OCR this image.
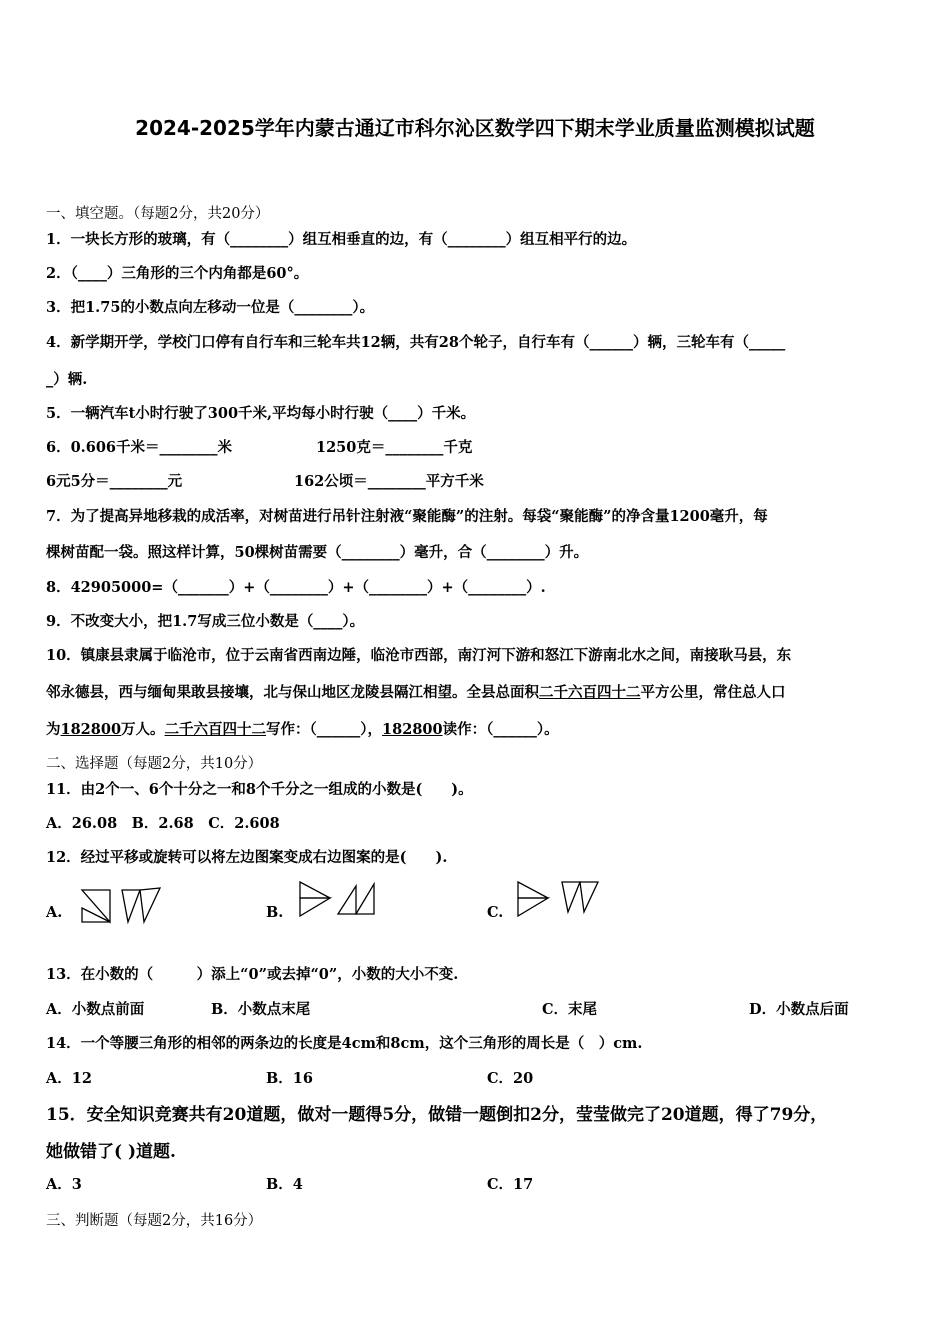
2024-2025学年内蒙古通辽市科尔沁区数学四下期末学业质量监测模拟试题
一、填空题。（每题2分，共20分）
1．一块长方形的玻璃，有（________）组互相垂直的边，有（________）组互相平行的边。
2．（____）三角形的三个内角都是60°。
3．把1.75的小数点向左移动一位是（________）。
4．新学期开学，学校门口停有自行车和三轮车共12辆，共有28个轮子，自行车有（______）辆，三轮车有（_____
_）辆.
5．一辆汽车t小时行驶了300千米,平均每小时行驶（____）千米。
6．0.606千米＝________米	1250克＝________千克
6元5分＝________元	162公顷＝________平方千米
7．为了提高异地移栽的成活率，对树苗进行吊针注射液“聚能酶”的注射。每袋“聚能酶”的净含量1200毫升，每
棵树苗配一袋。照这样计算，50棵树苗需要（________）毫升，合（________）升。
8．42905000=（_______）+（________）+（________）+（________）.
9．不改变大小，把1.7写成三位小数是（____）。
10．镇康县隶属于临沧市，位于云南省西南边陲，临沧市西部，南汀河下游和怒江下游南北水之间，南接耿马县，东
邻永德县，西与缅甸果敢县接壤，北与保山地区龙陵县隔江相望。全县总面积二千六百四十二平方公里，常住总人口
为182800万人。二千六百四十二写作：（______），182800读作：（______）。
二、选择题（每题2分，共10分）
11．由2个一、6个十分之一和8个千分之一组成的小数是(　　)。
A．26.08　B．2.68　C．2.608
12．经过平移或旋转可以将左边图案变成右边图案的是(　　).
A.	B.	C.
13．在小数的（　　　）添上“0”或去掉“0”，小数的大小不变.
A．小数点前面	B．小数点末尾	C．末尾	D．小数点后面
14．一个等腰三角形的相邻的两条边的长度是4cm和8cm，这个三角形的周长是（　）cm.
A．12	B．16	C．20
15．安全知识竞赛共有20道题，做对一题得5分，做错一题倒扣2分，莹莹做完了20道题，得了79分，
她做错了( )道题.
A．3	B．4	C．17
三、判断题（每题2分，共16分）
